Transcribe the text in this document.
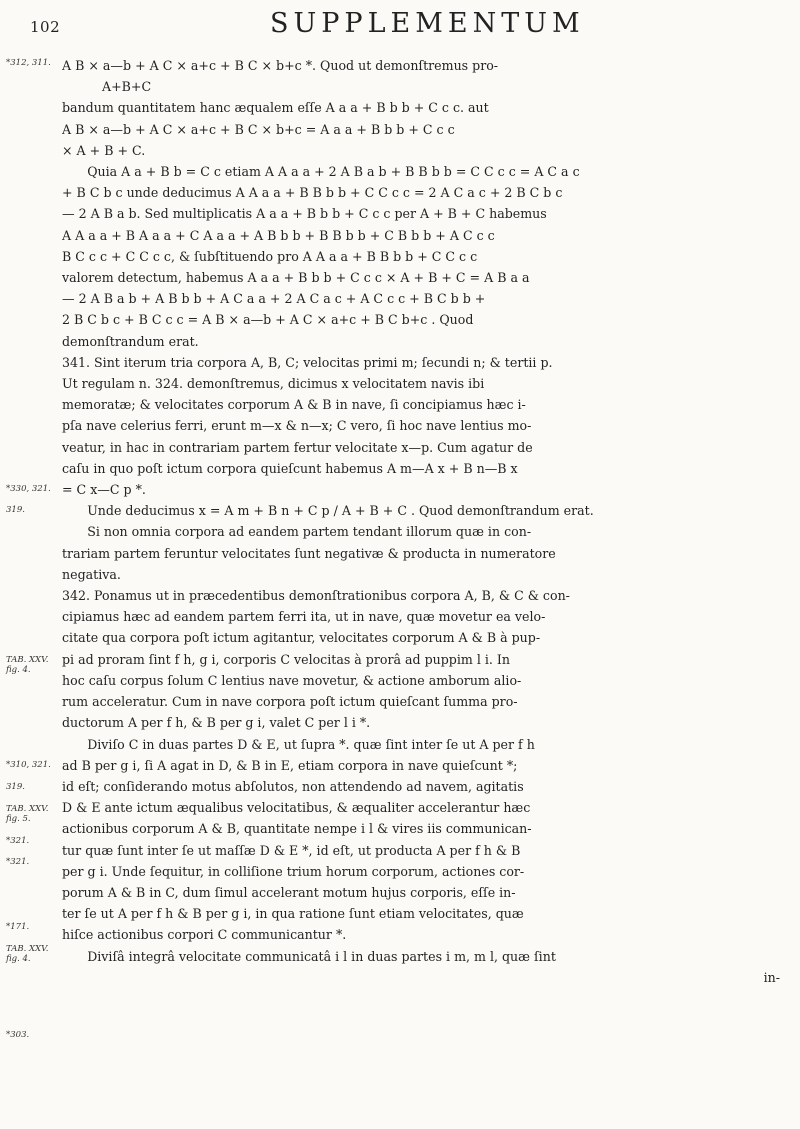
102	SUPPLEMENTUM
*312, 311.
*330, 321.
319.
TAB. XXV. fig. 4.
*310, 321.
319.
TAB. XXV. fig. 5.
*321.
*321.
*171.
TAB. XXV. fig. 4.
*303.

A B × a—b + A C × a+c + B C × b+c *. Quod ut demonſtremus pro-

A+B+C

bandum quantitatem hanc æqualem eſſe A a a + B b b + C c c. aut

A B × a—b + A C × a+c + B C × b+c = A a a + B b b + C c c

× A + B + C.

Quia A a + B b = C c etiam A A a a + 2 A B a b + B B b b = C C c c = A C a c

+ B C b c unde deducimus A A a a + B B b b + C C c c = 2 A C a c + 2 B C b c

— 2 A B a b. Sed multiplicatis A a a + B b b + C c c per A + B + C habemus

A A a a + B A a a + C A a a + A B b b + B B b b + C B b b + A C c c

B C c c + C C c c, & ſubſtituendo pro A A a a + B B b b + C C c c

valorem detectum, habemus A a a + B b b + C c c × A + B + C = A B a a

— 2 A B a b + A B b b + A C a a + 2 A C a c + A C c c + B C b b +

2 B C b c + B C c c = A B × a—b + A C × a+c + B C b+c . Quod

demonſtrandum erat.

341. Sint iterum tria corpora A, B, C; velocitas primi m; ſecundi n; & tertii p.

Ut regulam n. 324. demonſtremus, dicimus x velocitatem navis ibi

memoratæ; & velocitates corporum A & B in nave, ſi concipiamus hæc i-

pſa nave celerius ferri, erunt m—x & n—x; C vero, ſi hoc nave lentius mo-

veatur, in hac in contrariam partem fertur velocitate x—p. Cum agatur de

caſu in quo poſt ictum corpora quieſcunt habemus A m—A x + B n—B x

= C x—C p *.

Unde deducimus x = A m + B n + C p / A + B + C . Quod demonſtrandum erat.

Si non omnia corpora ad eandem partem tendant illorum quæ in con-

trariam partem feruntur velocitates ſunt negativæ & producta in numeratore

negativa.

342. Ponamus ut in præcedentibus demonſtrationibus corpora A, B, & C & con-

cipiamus hæc ad eandem partem ferri ita, ut in nave, quæ movetur ea velo-

citate qua corpora poſt ictum agitantur, velocitates corporum A & B à pup-

pi ad proram ſint f h, g i, corporis C velocitas à prorâ ad puppim l i. In

hoc caſu corpus ſolum C lentius nave movetur, & actione amborum alio-

rum acceleratur. Cum in nave corpora poſt ictum quieſcant ſumma pro-

ductorum A per f h, & B per g i, valet C per l i *.

Diviſo C in duas partes D & E, ut ſupra *. quæ ſint inter ſe ut A per f h

ad B per g i, ſi A agat in D, & B in E, etiam corpora in nave quieſcunt *;

id eſt; conſiderando motus abſolutos, non attendendo ad navem, agitatis

D & E ante ictum æqualibus velocitatibus, & æqualiter accelerantur hæc

actionibus corporum A & B, quantitate nempe i l & vires iis communican-

tur quæ ſunt inter ſe ut maſſæ D & E *, id eſt, ut producta A per f h & B

per g i. Unde ſequitur, in colliſione trium horum corporum, actiones cor-

porum A & B in C, dum ſimul accelerant motum hujus corporis, eſſe in-

ter ſe ut A per f h & B per g i, in qua ratione ſunt etiam velocitates, quæ

hiſce actionibus corpori C communicantur *.

Diviſâ integrâ velocitate communicatâ i l in duas partes i m, m l, quæ ſint

in-
